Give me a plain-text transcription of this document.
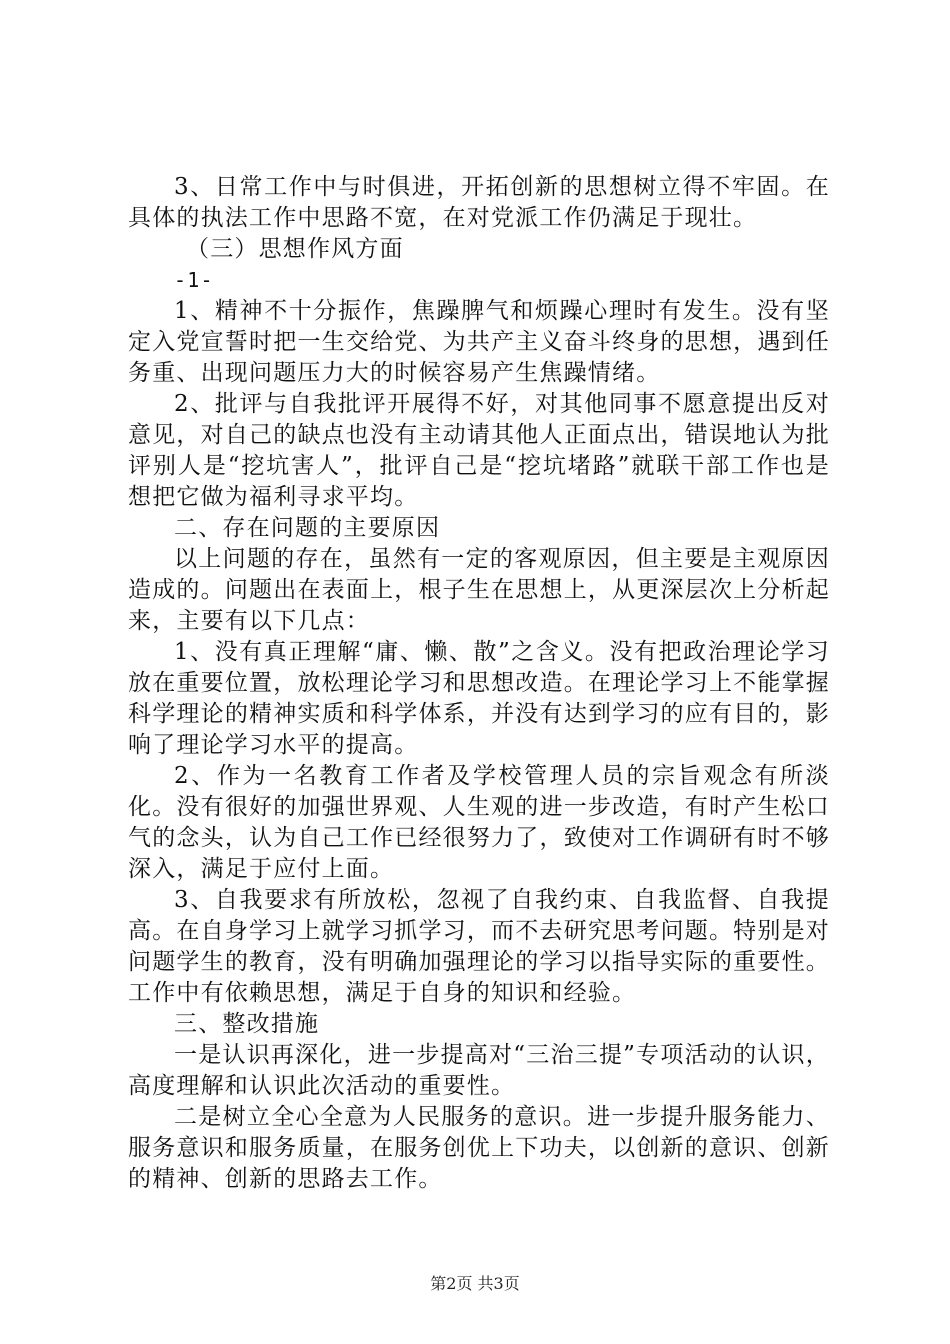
3、日常工作中与时俱进，开拓创新的思想树立得不牢固。在具体的执法工作中思路不宽，在对党派工作仍满足于现壮。

（三）思想作风方面

-1-

1、精神不十分振作，焦躁脾气和烦躁心理时有发生。没有坚定入党宣誓时把一生交给党、为共产主义奋斗终身的思想，遇到任务重、出现问题压力大的时候容易产生焦躁情绪。

2、批评与自我批评开展得不好，对其他同事不愿意提出反对意见，对自己的缺点也没有主动请其他人正面点出，错误地认为批评别人是“挖坑害人”，批评自己是“挖坑堵路”就联干部工作也是想把它做为福利寻求平均。

二、存在问题的主要原因

以上问题的存在，虽然有一定的客观原因，但主要是主观原因造成的。问题出在表面上，根子生在思想上，从更深层次上分析起来，主要有以下几点：

1、没有真正理解“庸、懒、散”之含义。没有把政治理论学习放在重要位置，放松理论学习和思想改造。在理论学习上不能掌握科学理论的精神实质和科学体系，并没有达到学习的应有目的，影响了理论学习水平的提高。

2、作为一名教育工作者及学校管理人员的宗旨观念有所淡化。没有很好的加强世界观、人生观的进一步改造，有时产生松口气的念头，认为自己工作已经很努力了，致使对工作调研有时不够深入，满足于应付上面。

3、自我要求有所放松，忽视了自我约束、自我监督、自我提高。在自身学习上就学习抓学习，而不去研究思考问题。特别是对问题学生的教育，没有明确加强理论的学习以指导实际的重要性。工作中有依赖思想，满足于自身的知识和经验。

三、整改措施

一是认识再深化，进一步提高对“三治三提”专项活动的认识，高度理解和认识此次活动的重要性。

二是树立全心全意为人民服务的意识。进一步提升服务能力、服务意识和服务质量，在服务创优上下功夫，以创新的意识、创新的精神、创新的思路去工作。

第2页 共3页
